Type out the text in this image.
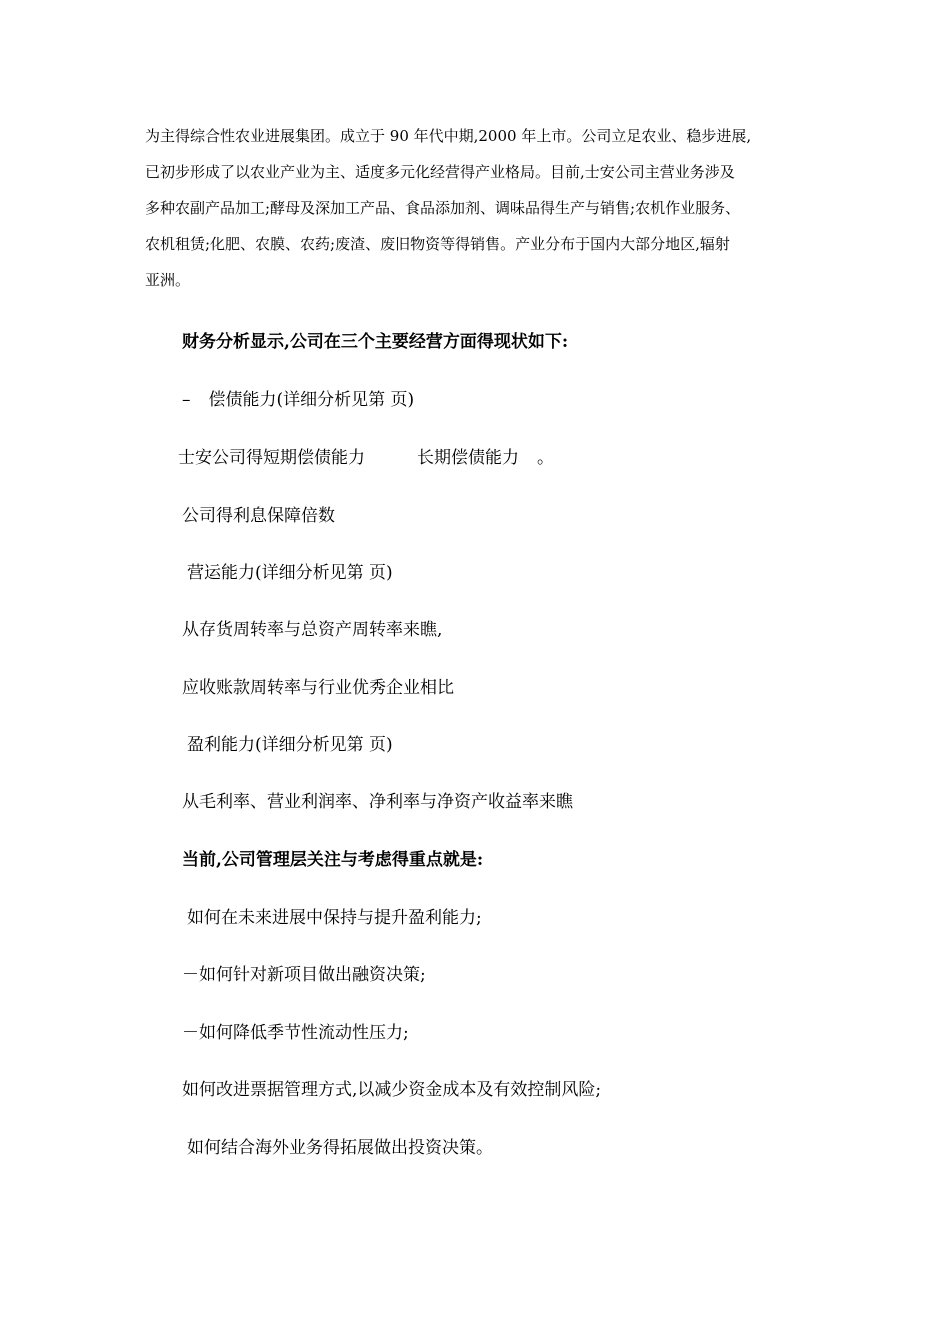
为主得综合性农业进展集团。成立于 90 年代中期,2000 年上市。公司立足农业、稳步进展,
已初步形成了以农业产业为主、适度多元化经营得产业格局。目前,士安公司主营业务涉及
多种农副产品加工;酵母及深加工产品、食品添加剂、调味品得生产与销售;农机作业服务、
农机租赁;化肥、农膜、农药;废渣、废旧物资等得销售。产业分布于国内大部分地区,辐射
亚洲。

财务分析显示,公司在三个主要经营方面得现状如下:

– 偿债能力(详细分析见第 页)

士安公司得短期偿债能力	长期偿债能力 。

公司得利息保障倍数

营运能力(详细分析见第 页)

从存货周转率与总资产周转率来瞧,

应收账款周转率与行业优秀企业相比

盈利能力(详细分析见第 页)

从毛利率、营业利润率、净利率与净资产收益率来瞧

当前,公司管理层关注与考虑得重点就是:

如何在未来进展中保持与提升盈利能力;

－如何针对新项目做出融资决策;

－如何降低季节性流动性压力;

如何改进票据管理方式,以减少资金成本及有效控制风险;

如何结合海外业务得拓展做出投资决策。
